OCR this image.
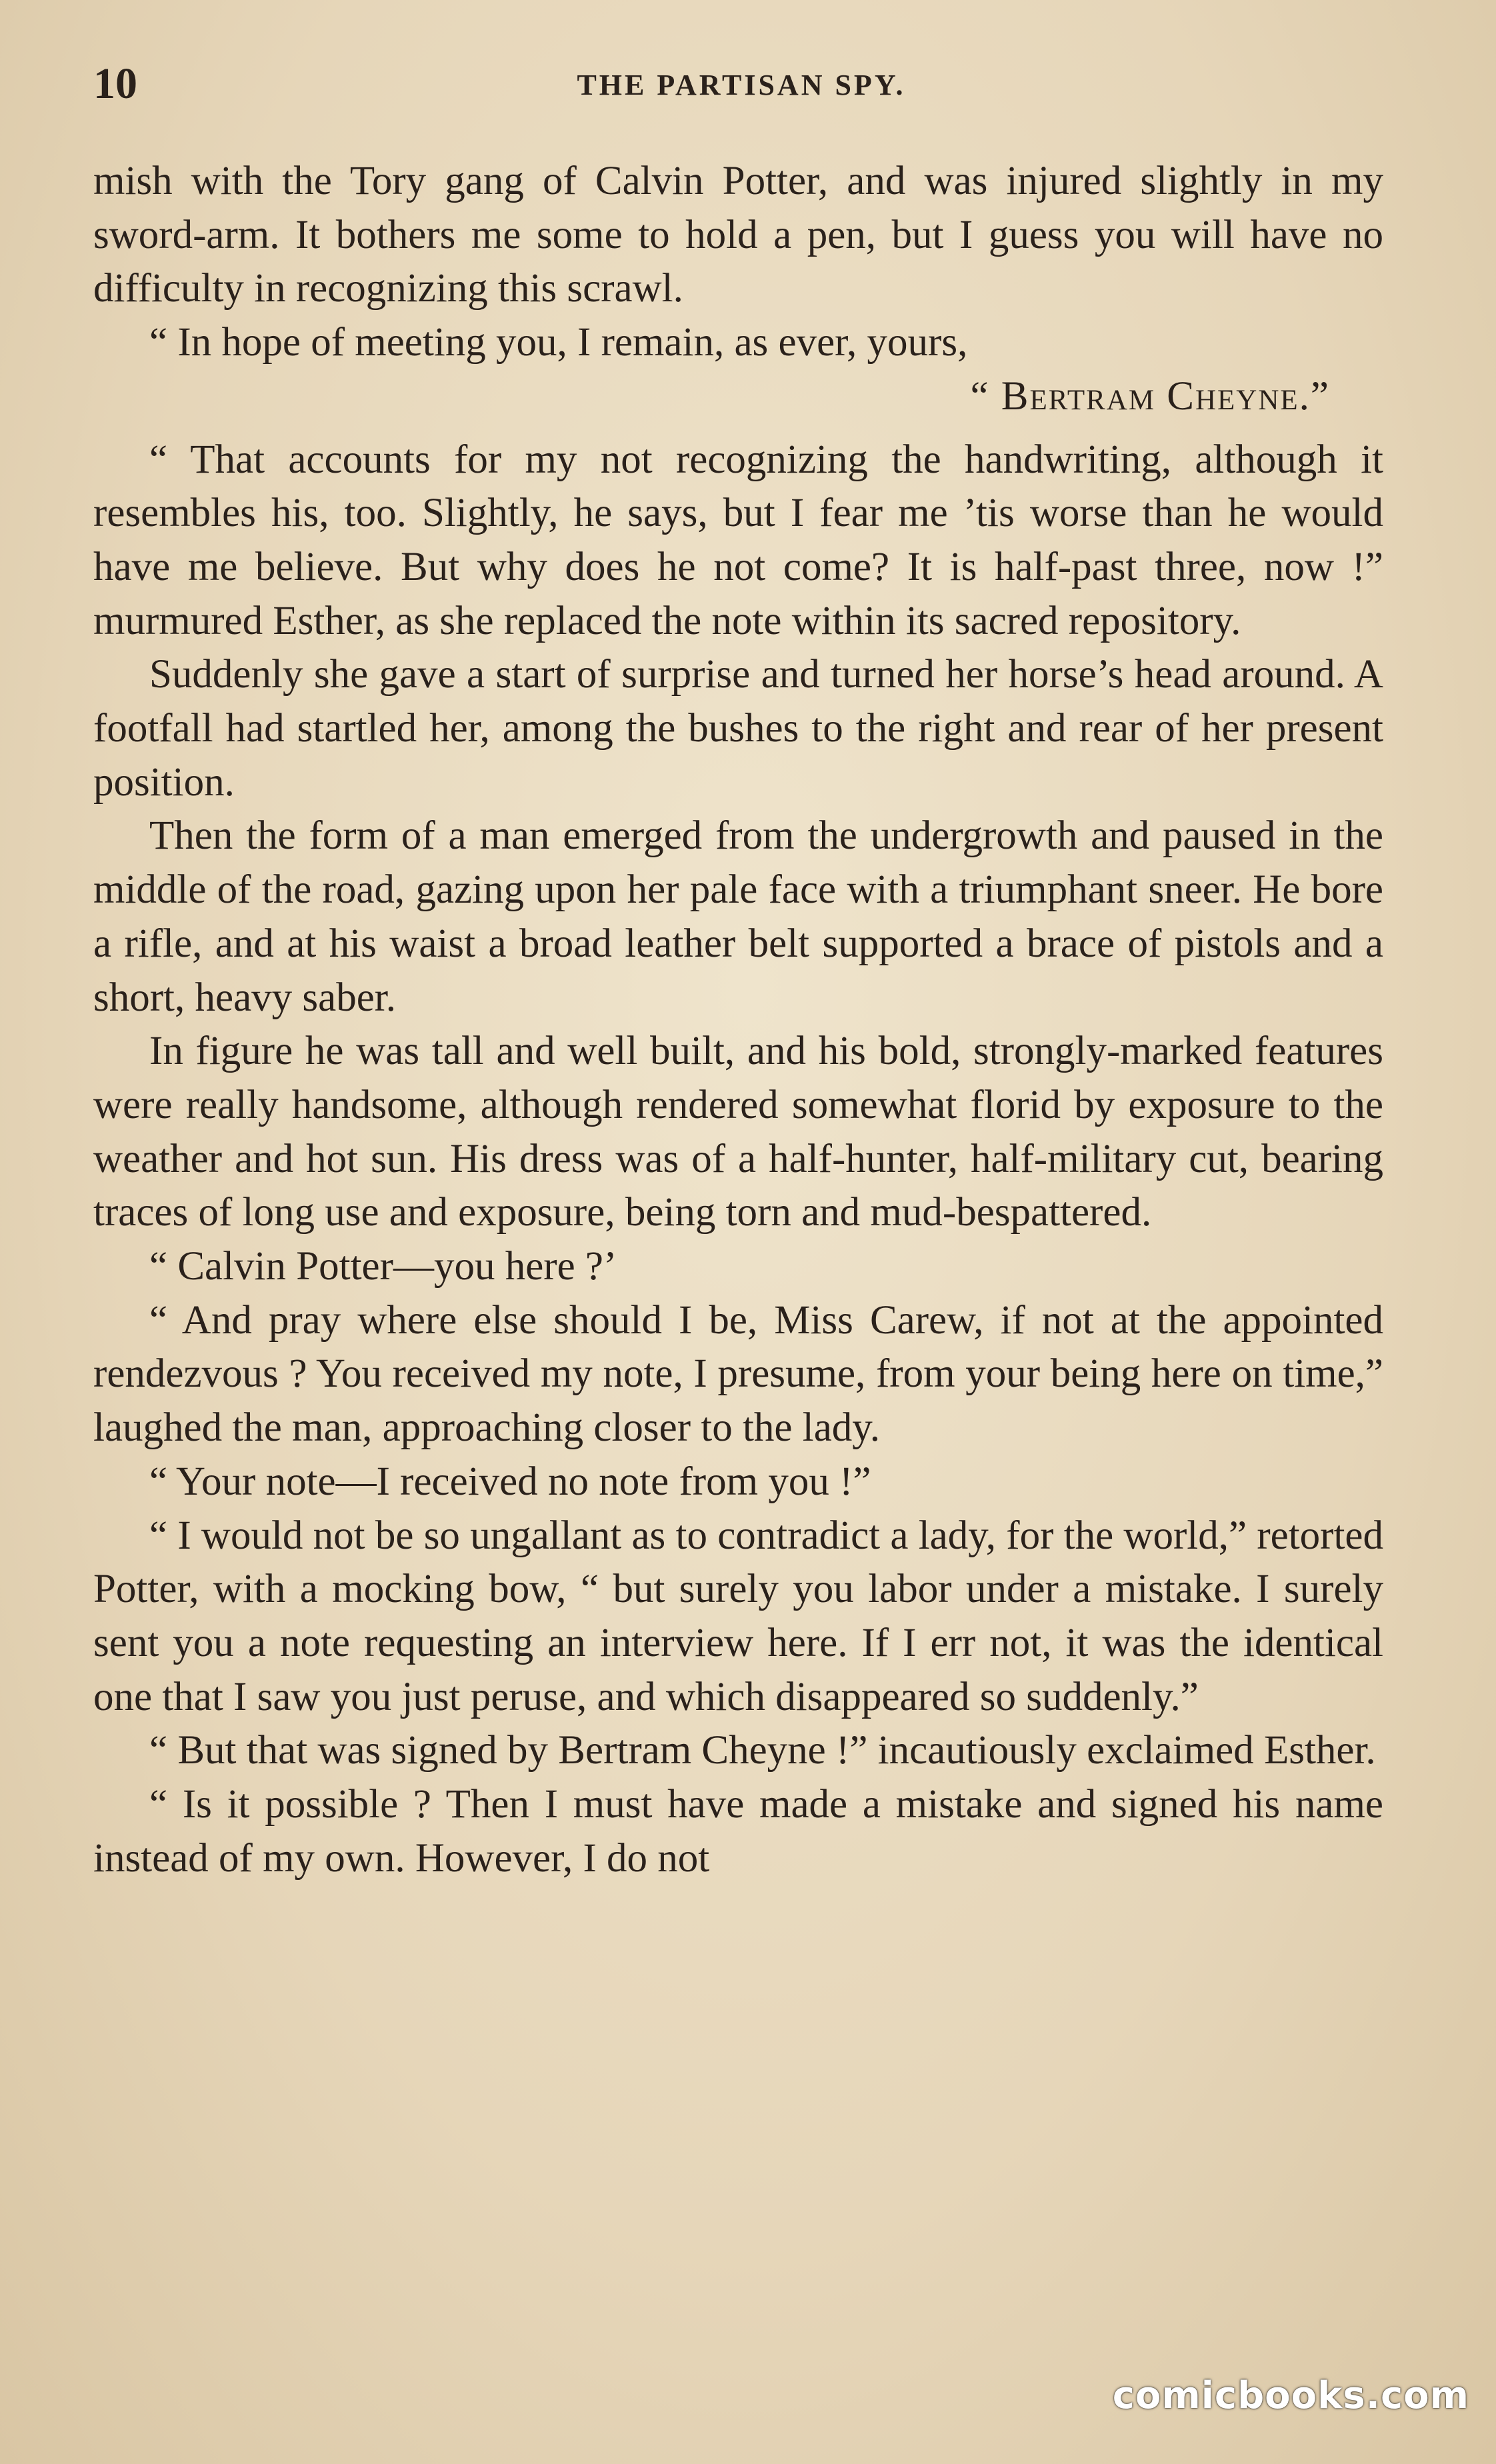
10	THE PARTISAN SPY.

mish with the Tory gang of Calvin Potter, and was injured slightly in my sword-arm. It bothers me some to hold a pen, but I guess you will have no difficulty in recognizing this scrawl.

“ In hope of meeting you, I remain, as ever, yours,

“ Bertram Cheyne.”

“ That accounts for my not recognizing the handwriting, although it resembles his, too. Slightly, he says, but I fear me ’tis worse than he would have me believe. But why does he not come? It is half-past three, now !” murmured Esther, as she replaced the note within its sacred repository.

Suddenly she gave a start of surprise and turned her horse’s head around. A footfall had startled her, among the bushes to the right and rear of her present position.

Then the form of a man emerged from the undergrowth and paused in the middle of the road, gazing upon her pale face with a triumphant sneer. He bore a rifle, and at his waist a broad leather belt supported a brace of pistols and a short, heavy saber.

In figure he was tall and well built, and his bold, strongly-marked features were really handsome, although rendered somewhat florid by exposure to the weather and hot sun. His dress was of a half-hunter, half-military cut, bearing traces of long use and exposure, being torn and mud-bespattered.

“ Calvin Potter—you here ?’

“ And pray where else should I be, Miss Carew, if not at the appointed rendezvous ? You received my note, I presume, from your being here on time,” laughed the man, approaching closer to the lady.

“ Your note—I received no note from you !”

“ I would not be so ungallant as to contradict a lady, for the world,” retorted Potter, with a mocking bow, “ but surely you labor under a mistake. I surely sent you a note requesting an interview here. If I err not, it was the identical one that I saw you just peruse, and which disappeared so suddenly.”

“ But that was signed by Bertram Cheyne !” incautiously exclaimed Esther.

“ Is it possible ? Then I must have made a mistake and signed his name instead of my own. However, I do not

comicbooks.com
